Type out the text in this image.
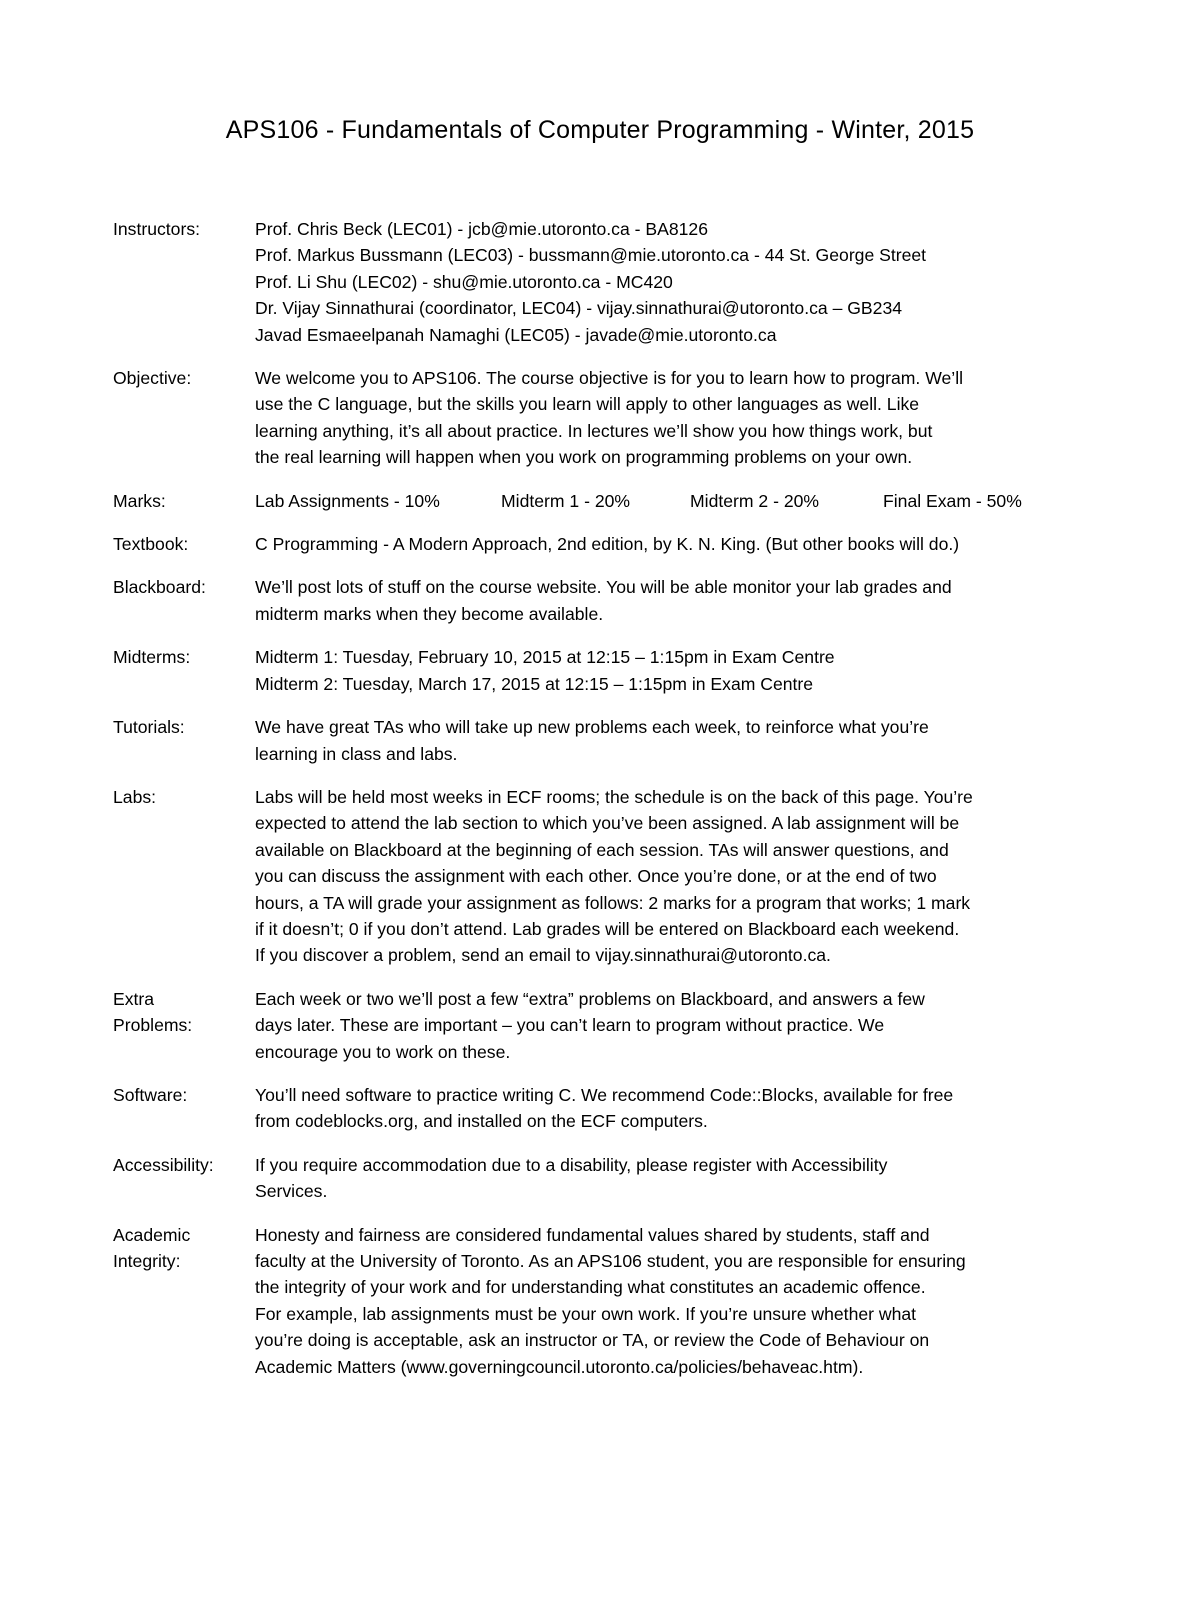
APS106 - Fundamentals of Computer Programming - Winter, 2015
Instructors:	Prof. Chris Beck (LEC01) - jcb@mie.utoronto.ca - BA8126
Prof. Markus Bussmann (LEC03) - bussmann@mie.utoronto.ca - 44 St. George Street
Prof. Li Shu (LEC02) - shu@mie.utoronto.ca - MC420
Dr. Vijay Sinnathurai (coordinator, LEC04) - vijay.sinnathurai@utoronto.ca – GB234
Javad Esmaeelpanah Namaghi (LEC05) - javade@mie.utoronto.ca
Objective:	We welcome you to APS106. The course objective is for you to learn how to program. We’ll
use the C language, but the skills you learn will apply to other languages as well. Like
learning anything, it’s all about practice. In lectures we’ll show you how things work, but
the real learning will happen when you work on programming problems on your own.
Marks:	Lab Assignments - 10%	Midterm 1 - 20%	Midterm 2 - 20%	Final Exam - 50%
Textbook:	C Programming - A Modern Approach, 2nd edition, by K. N. King. (But other books will do.)
Blackboard:	We’ll post lots of stuff on the course website. You will be able monitor your lab grades and
midterm marks when they become available.
Midterms:	Midterm 1: Tuesday, February 10, 2015 at 12:15 – 1:15pm in Exam Centre
Midterm 2: Tuesday, March 17, 2015 at 12:15 – 1:15pm in Exam Centre
Tutorials:	We have great TAs who will take up new problems each week, to reinforce what you’re
learning in class and labs.
Labs:	Labs will be held most weeks in ECF rooms; the schedule is on the back of this page. You’re
expected to attend the lab section to which you’ve been assigned. A lab assignment will be
available on Blackboard at the beginning of each session. TAs will answer questions, and
you can discuss the assignment with each other. Once you’re done, or at the end of two
hours, a TA will grade your assignment as follows: 2 marks for a program that works; 1 mark
if it doesn’t; 0 if you don’t attend. Lab grades will be entered on Blackboard each weekend.
If you discover a problem, send an email to vijay.sinnathurai@utoronto.ca.
Extra
Problems:
Each week or two we’ll post a few “extra” problems on Blackboard, and answers a few
days later. These are important – you can’t learn to program without practice. We
encourage you to work on these.
Software:	You’ll need software to practice writing C. We recommend Code::Blocks, available for free
from codeblocks.org, and installed on the ECF computers.
Accessibility:	If you require accommodation due to a disability, please register with Accessibility
Services.
Academic
Integrity:
Honesty and fairness are considered fundamental values shared by students, staff and
faculty at the University of Toronto. As an APS106 student, you are responsible for ensuring
the integrity of your work and for understanding what constitutes an academic offence.
For example, lab assignments must be your own work. If you’re unsure whether what
you’re doing is acceptable, ask an instructor or TA, or review the Code of Behaviour on
Academic Matters (www.governingcouncil.utoronto.ca/policies/behaveac.htm).
